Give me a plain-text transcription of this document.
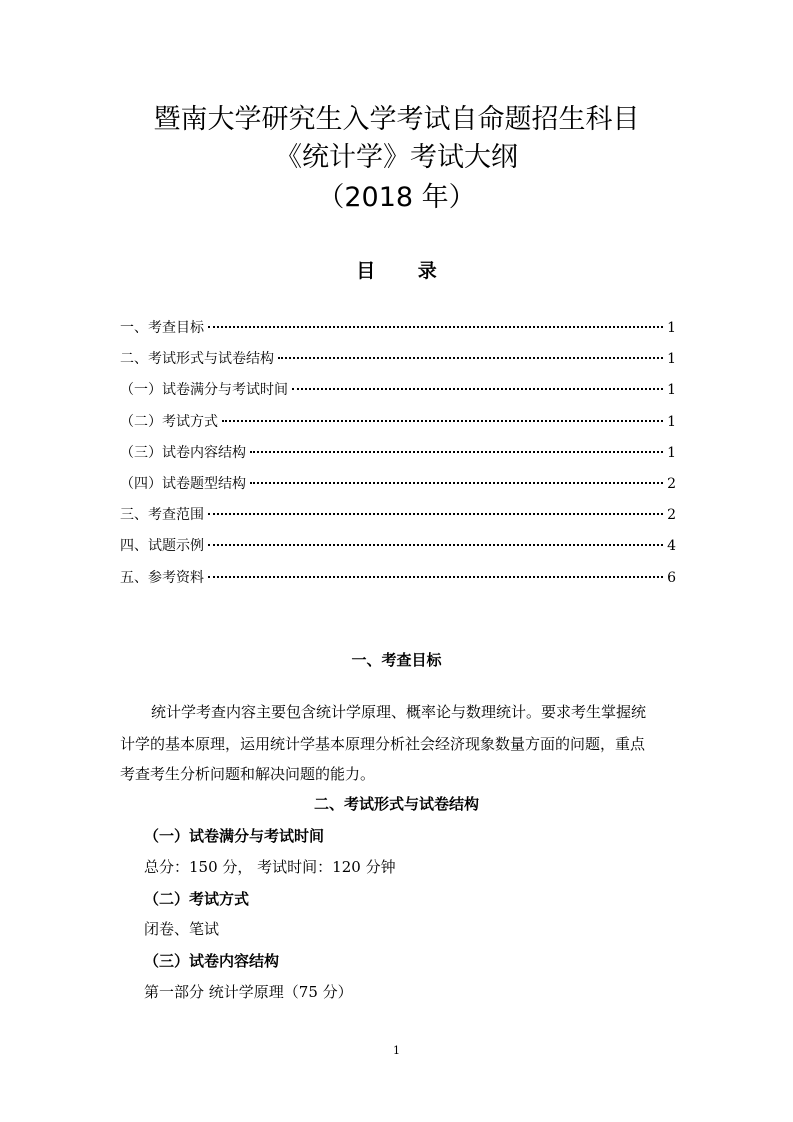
暨南大学研究生入学考试自命题招生科目
《统计学》考试大纲
（2018 年）
目 录
一、考查目标	1
二、考试形式与试卷结构	1
（一）试卷满分与考试时间	1
（二）考试方式	1
（三）试卷内容结构	1
（四）试卷题型结构	2
三、考查范围	2
四、试题示例	4
五、参考资料	6
一、考查目标
统计学考查内容主要包含统计学原理、概率论与数理统计。要求考生掌握统
计学的基本原理，运用统计学基本原理分析社会经济现象数量方面的问题，重点
考查考生分析问题和解决问题的能力。
二、考试形式与试卷结构
（一）试卷满分与考试时间
总分：150 分， 考试时间：120 分钟
（二）考试方式
闭卷、笔试
（三）试卷内容结构
第一部分 统计学原理（75 分）
1
